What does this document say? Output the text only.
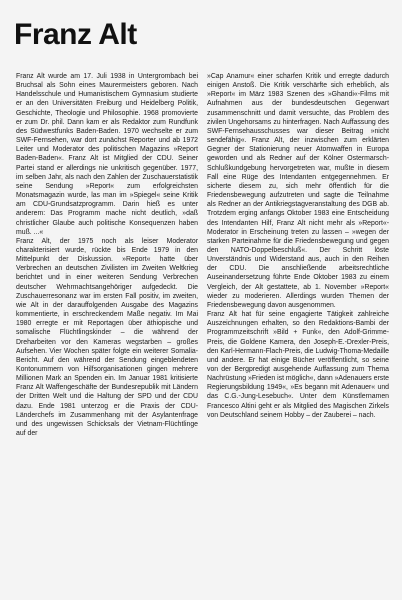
Franz Alt

Franz Alt wurde am 17. Juli 1938 in Untergrombach bei Bruchsal als Sohn eines Maurermeisters geboren. Nach Handelsschule und Humanistischem Gymnasium studierte er an den Universitäten Freiburg und Heidelberg Politik, Geschichte, Theologie und Philosophie. 1968 promovierte er zum Dr. phil. Dann kam er als Redaktor zum Rundfunk des Südwestfunks Baden-Baden. 1970 wechselte er zum SWF-Fernsehen, war dort zunächst Reporter und ab 1972 Leiter und Moderator des politischen Magazins »Report Baden-Baden«. Franz Alt ist Mitglied der CDU. Seiner Partei stand er allerdings nie unkritisch gegenüber. 1977, im selben Jahr, als nach den Zahlen der Zuschauerstatistik seine Sendung »Report« zum erfolgreichsten Monatsmagazin wurde, las man im »Spiegel« seine Kritik am CDU-Grundsatzprogramm. Darin hieß es unter anderem: Das Programm mache nicht deutlich, »daß christlicher Glaube auch politische Konsequenzen haben muß. ...«

Franz Alt, der 1975 noch als leiser Moderator charakterisiert wurde, rückte bis Ende 1979 in den Mittelpunkt der Diskussion. »Report« hatte über Verbrechen an deutschen Zivilisten im Zweiten Weltkrieg berichtet und in einer weiteren Sendung Verbrechen deutscher Wehrmachtsangehöriger aufgedeckt. Die Zuschauerresonanz war im ersten Fall positiv, im zweiten, wie Alt in der darauffolgenden Ausgabe des Magazins kommentierte, in erschreckendem Maße negativ. Im Mai 1980 erregte er mit Reportagen über äthiopische und somalische Flüchtlingskinder – die während der Dreharbeiten vor den Kameras wegstarben – großes Aufsehen. Vier Wochen später folgte ein weiterer Somalia-Bericht. Auf den während der Sendung eingeblendeten Kontonummern von Hilfsorganisationen gingen mehrere Millionen Mark an Spenden ein. Im Januar 1981 kritisierte Franz Alt Waffengeschäfte der Bundesrepublik mit Ländern der Dritten Welt und die Haltung der SPD und der CDU dazu. Ende 1981 unterzog er die Praxis der CDU-Länderchefs im Zusammenhang mit der Asylantenfrage und des ungewissen Schicksals der Vietnam-Flüchtlinge auf der

»Cap Anamur« einer scharfen Kritik und erregte dadurch einigen Anstoß. Die Kritik verschärfte sich erheblich, als »Report« im März 1983 Szenen des »Ghandi«-Films mit Aufnahmen aus der bundesdeutschen Gegenwart zusammenschnitt und damit versuchte, das Problem des zivilen Ungehorsams zu hinterfragen. Nach Auffassung des SWF-Fernsehausschusses war dieser Beitrag »nicht sendefähig«. Franz Alt, der inzwischen zum erklärten Gegner der Stationierung neuer Atomwaffen in Europa geworden und als Redner auf der Kölner Ostermarsch-Schlußkundgebung hervorgetreten war, mußte in diesem Fall eine Rüge des Intendanten entgegennehmen. Er sicherte diesem zu, sich mehr öffentlich für die Friedensbewegung aufzutreten und sagte die Teilnahme als Redner an der Antikriegstagveranstaltung des DGB ab. Trotzdem erging anfangs Oktober 1983 eine Entscheidung des Intendanten Hilf, Franz Alt nicht mehr als »Report«-Moderator in Erscheinung treten zu lassen – »wegen der starken Parteinahme für die Friedensbewegung und gegen den NATO-Doppelbeschluß«. Der Schritt löste Unverständnis und Widerstand aus, auch in den Reihen der CDU. Die anschließende arbeitsrechtliche Auseinandersetzung führte Ende Oktober 1983 zu einem Vergleich, der Alt gestattete, ab 1. November »Report« wieder zu moderieren. Allerdings wurden Themen der Friedensbewegung davon ausgenommen.

Franz Alt hat für seine engagierte Tätigkeit zahlreiche Auszeichnungen erhalten, so den Redaktions-Bambi der Programmzeitschrift »Bild + Funk«, den Adolf-Grimme-Preis, die Goldene Kamera, den Joseph-E.-Drexler-Preis, den Karl-Hermann-Flach-Preis, die Ludwig-Thoma-Medaille und andere. Er hat einige Bücher veröffentlicht, so seine von der Bergpredigt ausgehende Auffassung zum Thema Nachrüstung »Frieden ist möglich«, dann »Adenauers erste Regierungsbildung 1949«, »Es begann mit Adenauer« und das C.G.-Jung-Lesebuch«. Unter dem Künstlernamen Francesco Altini geht er als Mitglied des Magischen Zirkels von Deutschland seinem Hobby – der Zauberei – nach.
